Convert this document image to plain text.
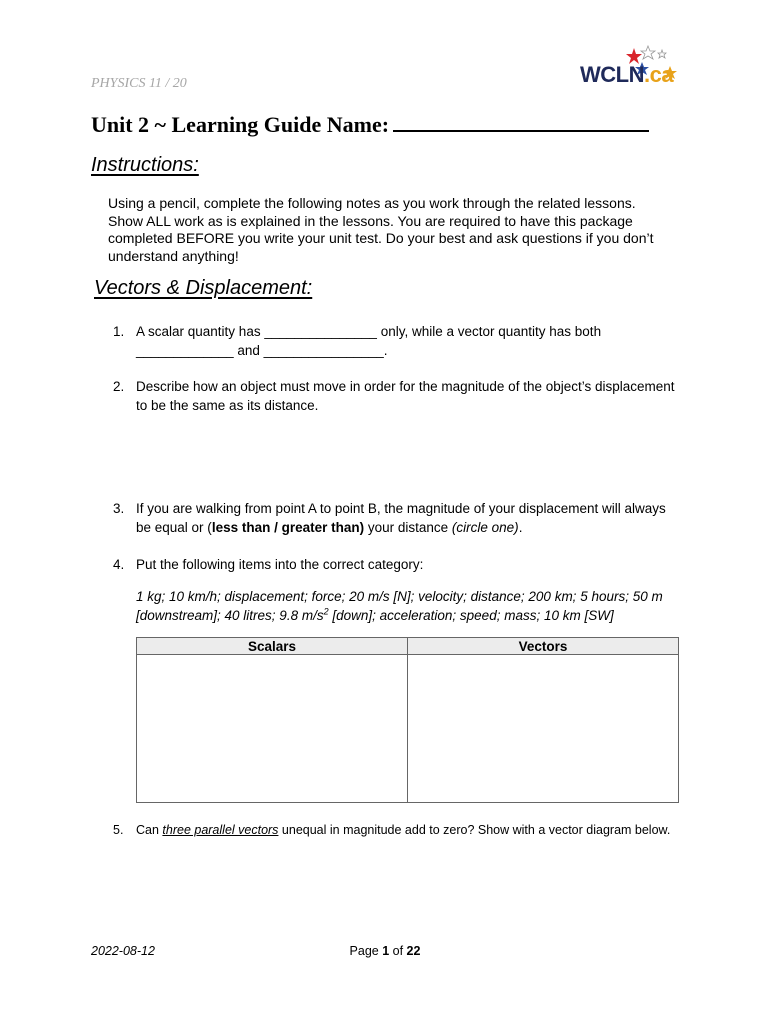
PHYSICS 11 / 20	WCLN.ca
Unit 2 ~ Learning Guide Name:
Instructions:
Using a pencil, complete the following notes as you work through the related lessons. Show ALL work as is explained in the lessons. You are required to have this package completed BEFORE you write your unit test. Do your best and ask questions if you don’t understand anything!
Vectors & Displacement:
1. A scalar quantity has _______________ only, while a vector quantity has both _____________ and ________________.
2. Describe how an object must move in order for the magnitude of the object’s displacement to be the same as its distance.
3. If you are walking from point A to point B, the magnitude of your displacement will always be equal or (less than / greater than) your distance (circle one).
4. Put the following items into the correct category:
1 kg; 10 km/h; displacement; force; 20 m/s [N]; velocity; distance; 200 km; 5 hours; 50 m [downstream]; 40 litres; 9.8 $m/s^2$ [down]; acceleration; speed; mass; 10 km [SW]
Scalars	Vectors

5. Can three parallel vectors unequal in magnitude add to zero? Show with a vector diagram below.
2022-08-12	Page 1 of 22
